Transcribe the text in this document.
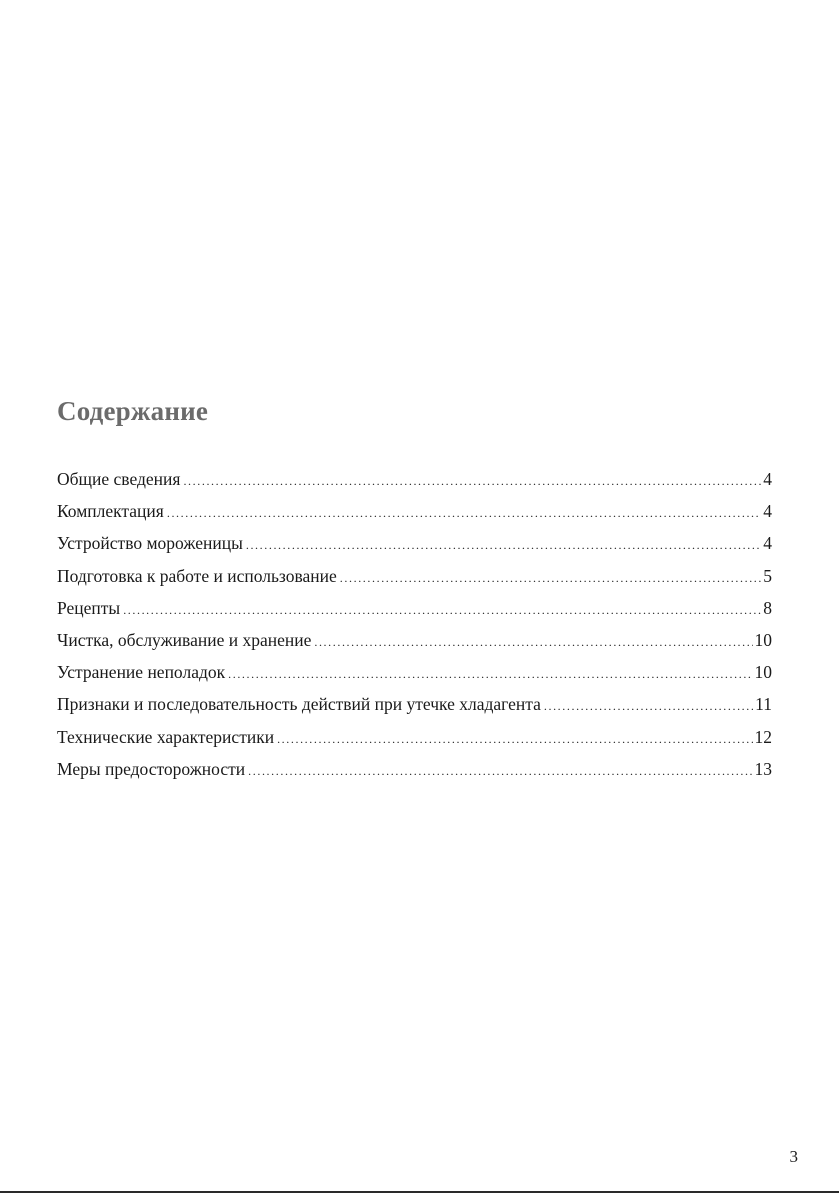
Содержание
Общие сведения .....	4
Комплектация .....	4
Устройство мороженицы .....	4
Подготовка к работе и использование .....	5
Рецепты .....	8
Чистка, обслуживание и хранение .....	10
Устранение неполадок .....	10
Признаки и последовательность действий при утечке хладагента .....	11
Технические характеристики .....	12
Меры предосторожности .....	13
3
